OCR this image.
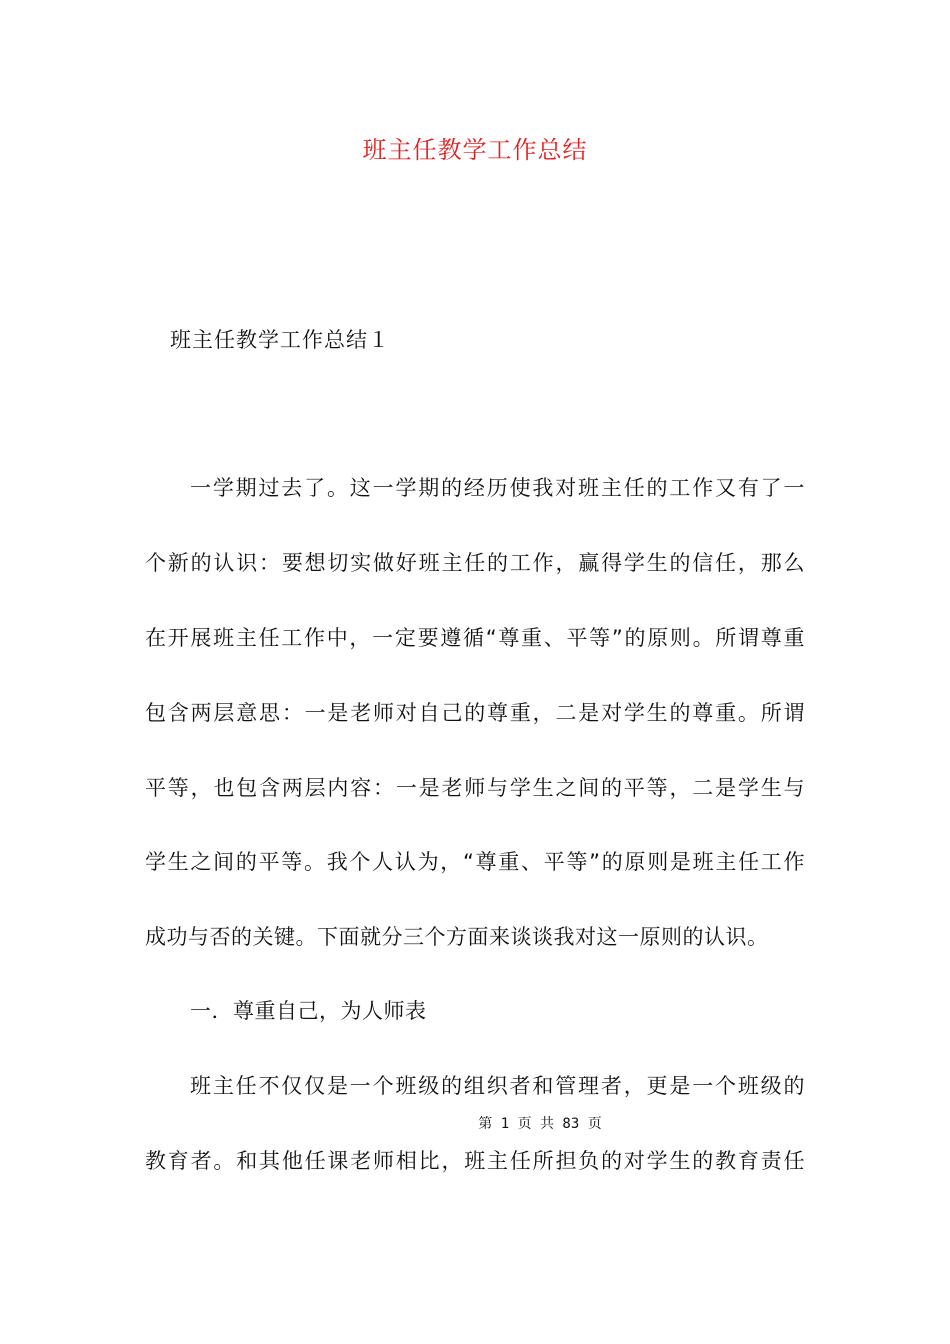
班主任教学工作总结
班主任教学工作总结１
一学期过去了。这一学期的经历使我对班主任的工作又有了一
个新的认识：要想切实做好班主任的工作，赢得学生的信任，那么
在开展班主任工作中，一定要遵循“尊重、平等”的原则。所谓尊重
包含两层意思：一是老师对自己的尊重，二是对学生的尊重。所谓
平等，也包含两层内容：一是老师与学生之间的平等，二是学生与
学生之间的平等。我个人认为，“尊重、平等”的原则是班主任工作
成功与否的关键。下面就分三个方面来谈谈我对这一原则的认识。
一．尊重自己，为人师表
班主任不仅仅是一个班级的组织者和管理者，更是一个班级的
第 1 页 共 83 页
教育者。和其他任课老师相比，班主任所担负的对学生的教育责任
